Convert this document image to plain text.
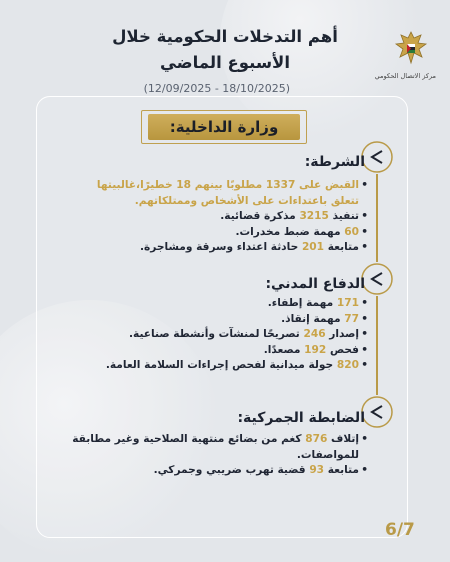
مركز الاتصال الحكومي
أهم التدخلات الحكومية خلال
الأسبوع الماضي
(12/09/2025 - 18/10/2025)
وزارة الداخلية:
الشرطة:
• القبض على 1337 مطلوبًا بينهم 18 خطيرًا،غالبيتها
تتعلق باعتداءات على الأشخاص وممتلكاتهم.
• تنفيذ 3215 مذكرة قضائية.
• 60 مهمة ضبط مخدرات.
• متابعة 201 حادثة اعتداء وسرقة ومشاجرة.
الدفاع المدني:
• 171 مهمة إطفاء.
• 77 مهمة إنقاذ.
• إصدار 246 تصريحًا لمنشآت وأنشطة صناعية.
• فحص 192 مصعدًا.
• 820 جولة ميدانية لفحص إجراءات السلامة العامة.
الضابطة الجمركية:
• إتلاف 876 كغم من بضائع منتهية الصلاحية وغير مطابقة
للمواصفات.
• متابعة 93 قضية تهرب ضريبي وجمركي.
6/7
